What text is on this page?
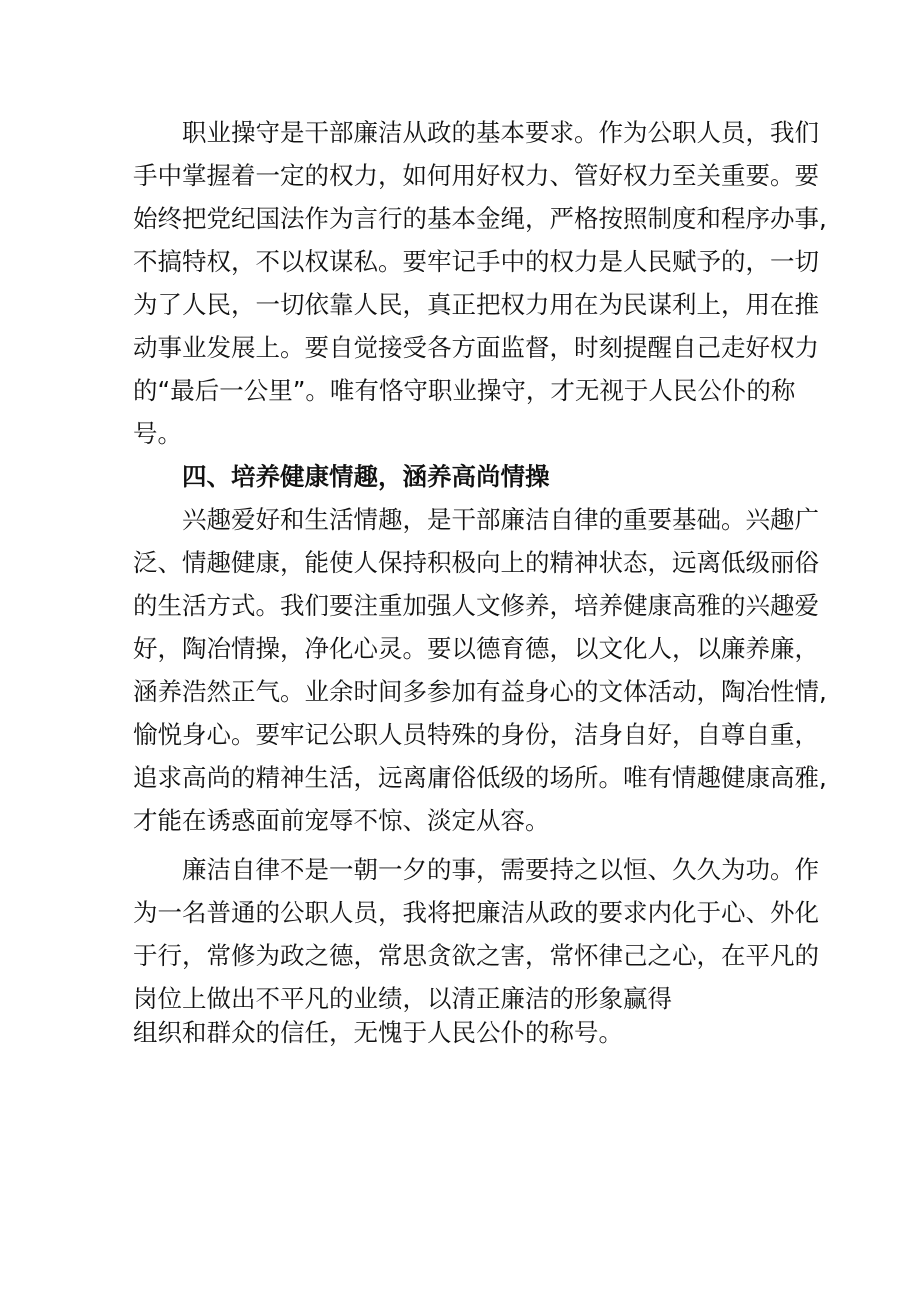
职业操守是干部廉洁从政的基本要求。作为公职人员，我们

手中掌握着一定的权力，如何用好权力、管好权力至关重要。要

始终把党纪国法作为言行的基本金绳，严格按照制度和程序办事,

不搞特权，不以权谋私。要牢记手中的权力是人民赋予的，一切

为了人民，一切依靠人民，真正把权力用在为民谋利上，用在推

动事业发展上。要自觉接受各方面监督，时刻提醒自己走好权力

的“最后一公里”。唯有恪守职业操守，才无视于人民公仆的称

号。

四、培养健康情趣，涵养高尚情操

兴趣爱好和生活情趣，是干部廉洁自律的重要基础。兴趣广

泛、情趣健康，能使人保持积极向上的精神状态，远离低级丽俗

的生活方式。我们要注重加强人文修养，培养健康高雅的兴趣爱

好，陶冶情操，净化心灵。要以德育德，以文化人，以廉养廉，

涵养浩然正气。业余时间多参加有益身心的文体活动，陶冶性情,

愉悦身心。要牢记公职人员特殊的身份，洁身自好，自尊自重，

追求高尚的精神生活，远离庸俗低级的场所。唯有情趣健康高雅,

才能在诱惑面前宠辱不惊、淡定从容。

廉洁自律不是一朝一夕的事，需要持之以恒、久久为功。作

为一名普通的公职人员，我将把廉洁从政的要求内化于心、外化

于行，常修为政之德，常思贪欲之害，常怀律己之心，在平凡的

岗位上做出不平凡的业绩，以清正廉洁的形象赢得

组织和群众的信任，无愧于人民公仆的称号。
